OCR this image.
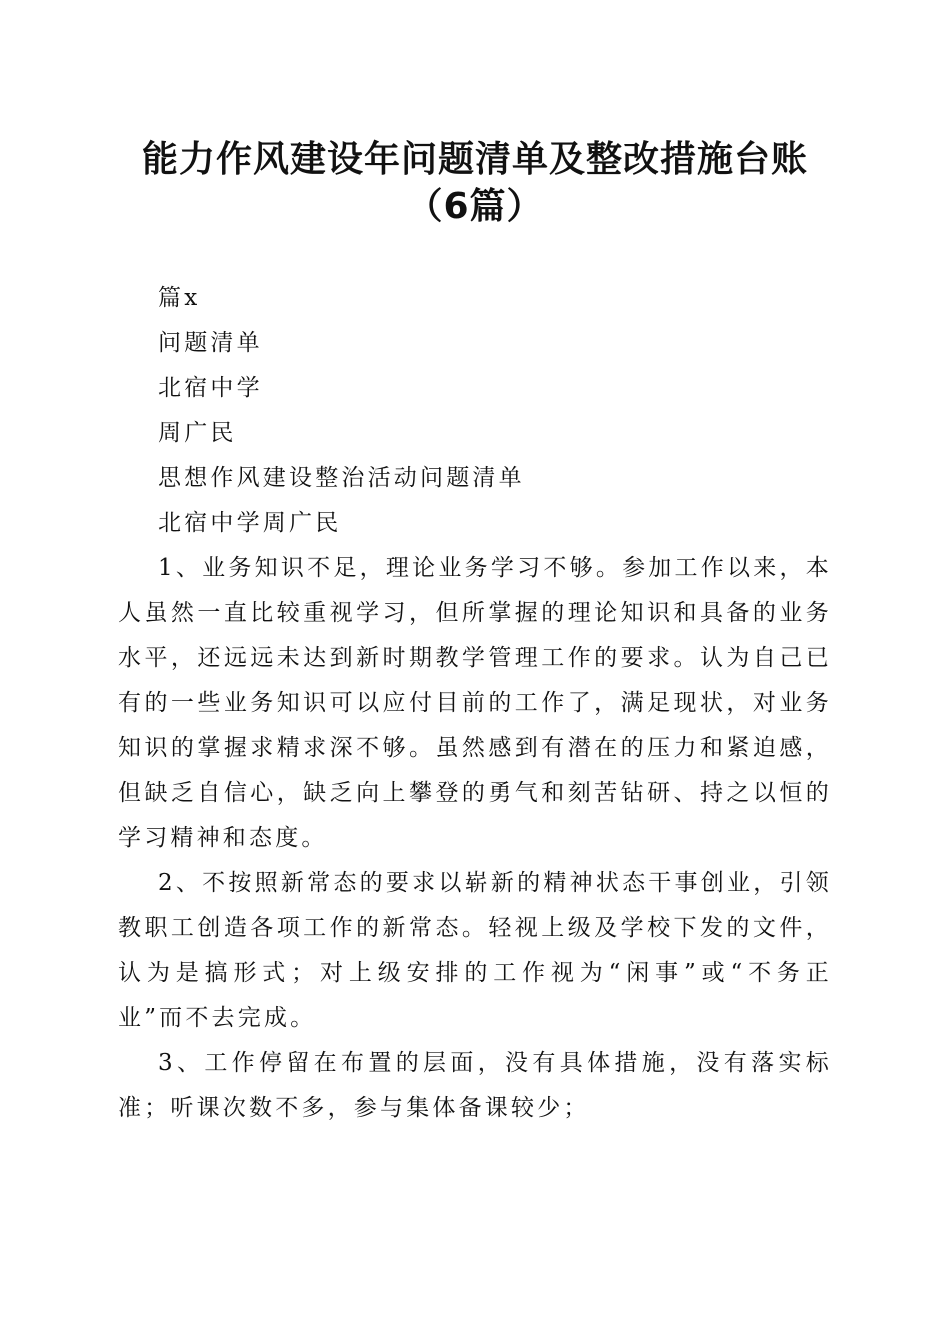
能力作风建设年问题清单及整改措施台账（6篇）

篇x

问题清单

北宿中学

周广民

思想作风建设整治活动问题清单

北宿中学周广民

1、业务知识不足，理论业务学习不够。参加工作以来，本人虽然一直比较重视学习，但所掌握的理论知识和具备的业务水平，还远远未达到新时期教学管理工作的要求。认为自己已有的一些业务知识可以应付目前的工作了，满足现状，对业务知识的掌握求精求深不够。虽然感到有潜在的压力和紧迫感，但缺乏自信心，缺乏向上攀登的勇气和刻苦钻研、持之以恒的学习精神和态度。

2、不按照新常态的要求以崭新的精神状态干事创业，引领教职工创造各项工作的新常态。轻视上级及学校下发的文件，认为是搞形式；对上级安排的工作视为“闲事”或“不务正业”而不去完成。

3、工作停留在布置的层面，没有具体措施，没有落实标准；听课次数不多，参与集体备课较少；
